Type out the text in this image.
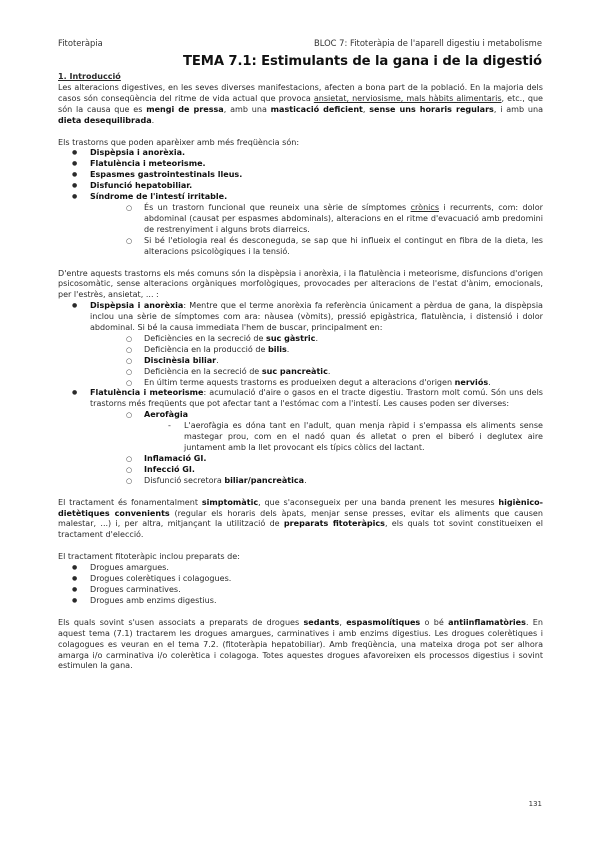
Fitoteràpia	BLOC 7: Fitoteràpia de l'aparell digestiu i metabolisme
TEMA 7.1: Estimulants de la gana i de la digestió

1. Introducció

Les alteracions digestives, en les seves diverses manifestacions, afecten a bona part de la població. En la majoria dels casos són conseqüència del ritme de vida actual que provoca ansietat, nerviosisme, mals hàbits alimentaris, etc., que són la causa que es mengi de pressa, amb una masticació deficient, sense uns horaris regulars, i amb una dieta desequilibrada.

Els trastorns que poden aparèixer amb més freqüència són:

● Dispèpsia i anorèxia.
● Flatulència i meteorisme.
● Espasmes gastrointestinals lleus.
● Disfunció hepatobiliar.
● Síndrome de l'intestí irritable.
○ És un trastorn funcional que reuneix una sèrie de símptomes crònics i recurrents, com: dolor abdominal (causat per espasmes abdominals), alteracions en el ritme d'evacuació amb predomini de restrenyiment i alguns brots diarreics.
○ Si bé l'etiologia real és desconeguda, se sap que hi influeix el contingut en fibra de la dieta, les alteracions psicològiques i la tensió.

D'entre aquests trastorns els més comuns són la dispèpsia i anorèxia, i la flatulència i meteorisme, disfuncions d'origen psicosomàtic, sense alteracions orgàniques morfològiques, provocades per alteracions de l'estat d'ànim, emocionals, per l'estrès, ansietat, ... :

● Dispèpsia i anorèxia: Mentre que el terme anorèxia fa referència únicament a pèrdua de gana, la dispèpsia inclou una sèrie de símptomes com ara: nàusea (vòmits), pressió epigàstrica, flatulència, i distensió i dolor abdominal. Si bé la causa immediata l'hem de buscar, principalment en:
○ Deficiències en la secreció de suc gàstric.
○ Deficiència en la producció de bilis.
○ Discinèsia biliar.
○ Deficiència en la secreció de suc pancreàtic.
○ En últim terme aquests trastorns es produeixen degut a alteracions d'origen nerviós.
● Flatulència i meteorisme: acumulació d'aire o gasos en el tracte digestiu. Trastorn molt comú. Són uns dels trastorns més freqüents que pot afectar tant a l'estómac com a l'intestí. Les causes poden ser diverses:
○ Aerofàgia
- L'aerofàgia es dóna tant en l'adult, quan menja ràpid i s'empassa els aliments sense mastegar prou, com en el nadó quan és alletat o pren el biberó i deglutex aire juntament amb la llet provocant els típics còlics del lactant.
○ Inflamació GI.
○ Infecció GI.
○ Disfunció secretora biliar/pancreàtica.

El tractament és fonamentalment simptomàtic, que s'aconsegueix per una banda prenent les mesures higiènico-dietètiques convenients (regular els horaris dels àpats, menjar sense presses, evitar els aliments que causen malestar, ...) i, per altra, mitjançant la utilització de preparats fitoteràpics, els quals tot sovint constitueixen el tractament d'elecció.

El tractament fitoteràpic inclou preparats de:

● Drogues amargues.
● Drogues colerètiques i colagogues.
● Drogues carminatives.
● Drogues amb enzims digestius.

Els quals sovint s'usen associats a preparats de drogues sedants, espasmolítiques o bé antiinflamatòries. En aquest tema (7.1) tractarem les drogues amargues, carminatives i amb enzims digestius. Les drogues colerètiques i colagogues es veuran en el tema 7.2. (fitoteràpia hepatobiliar). Amb freqüència, una mateixa droga pot ser alhora amarga i/o carminativa i/o colerètica i colagoga. Totes aquestes drogues afavoreixen els processos digestius i sovint estimulen la gana.

131
